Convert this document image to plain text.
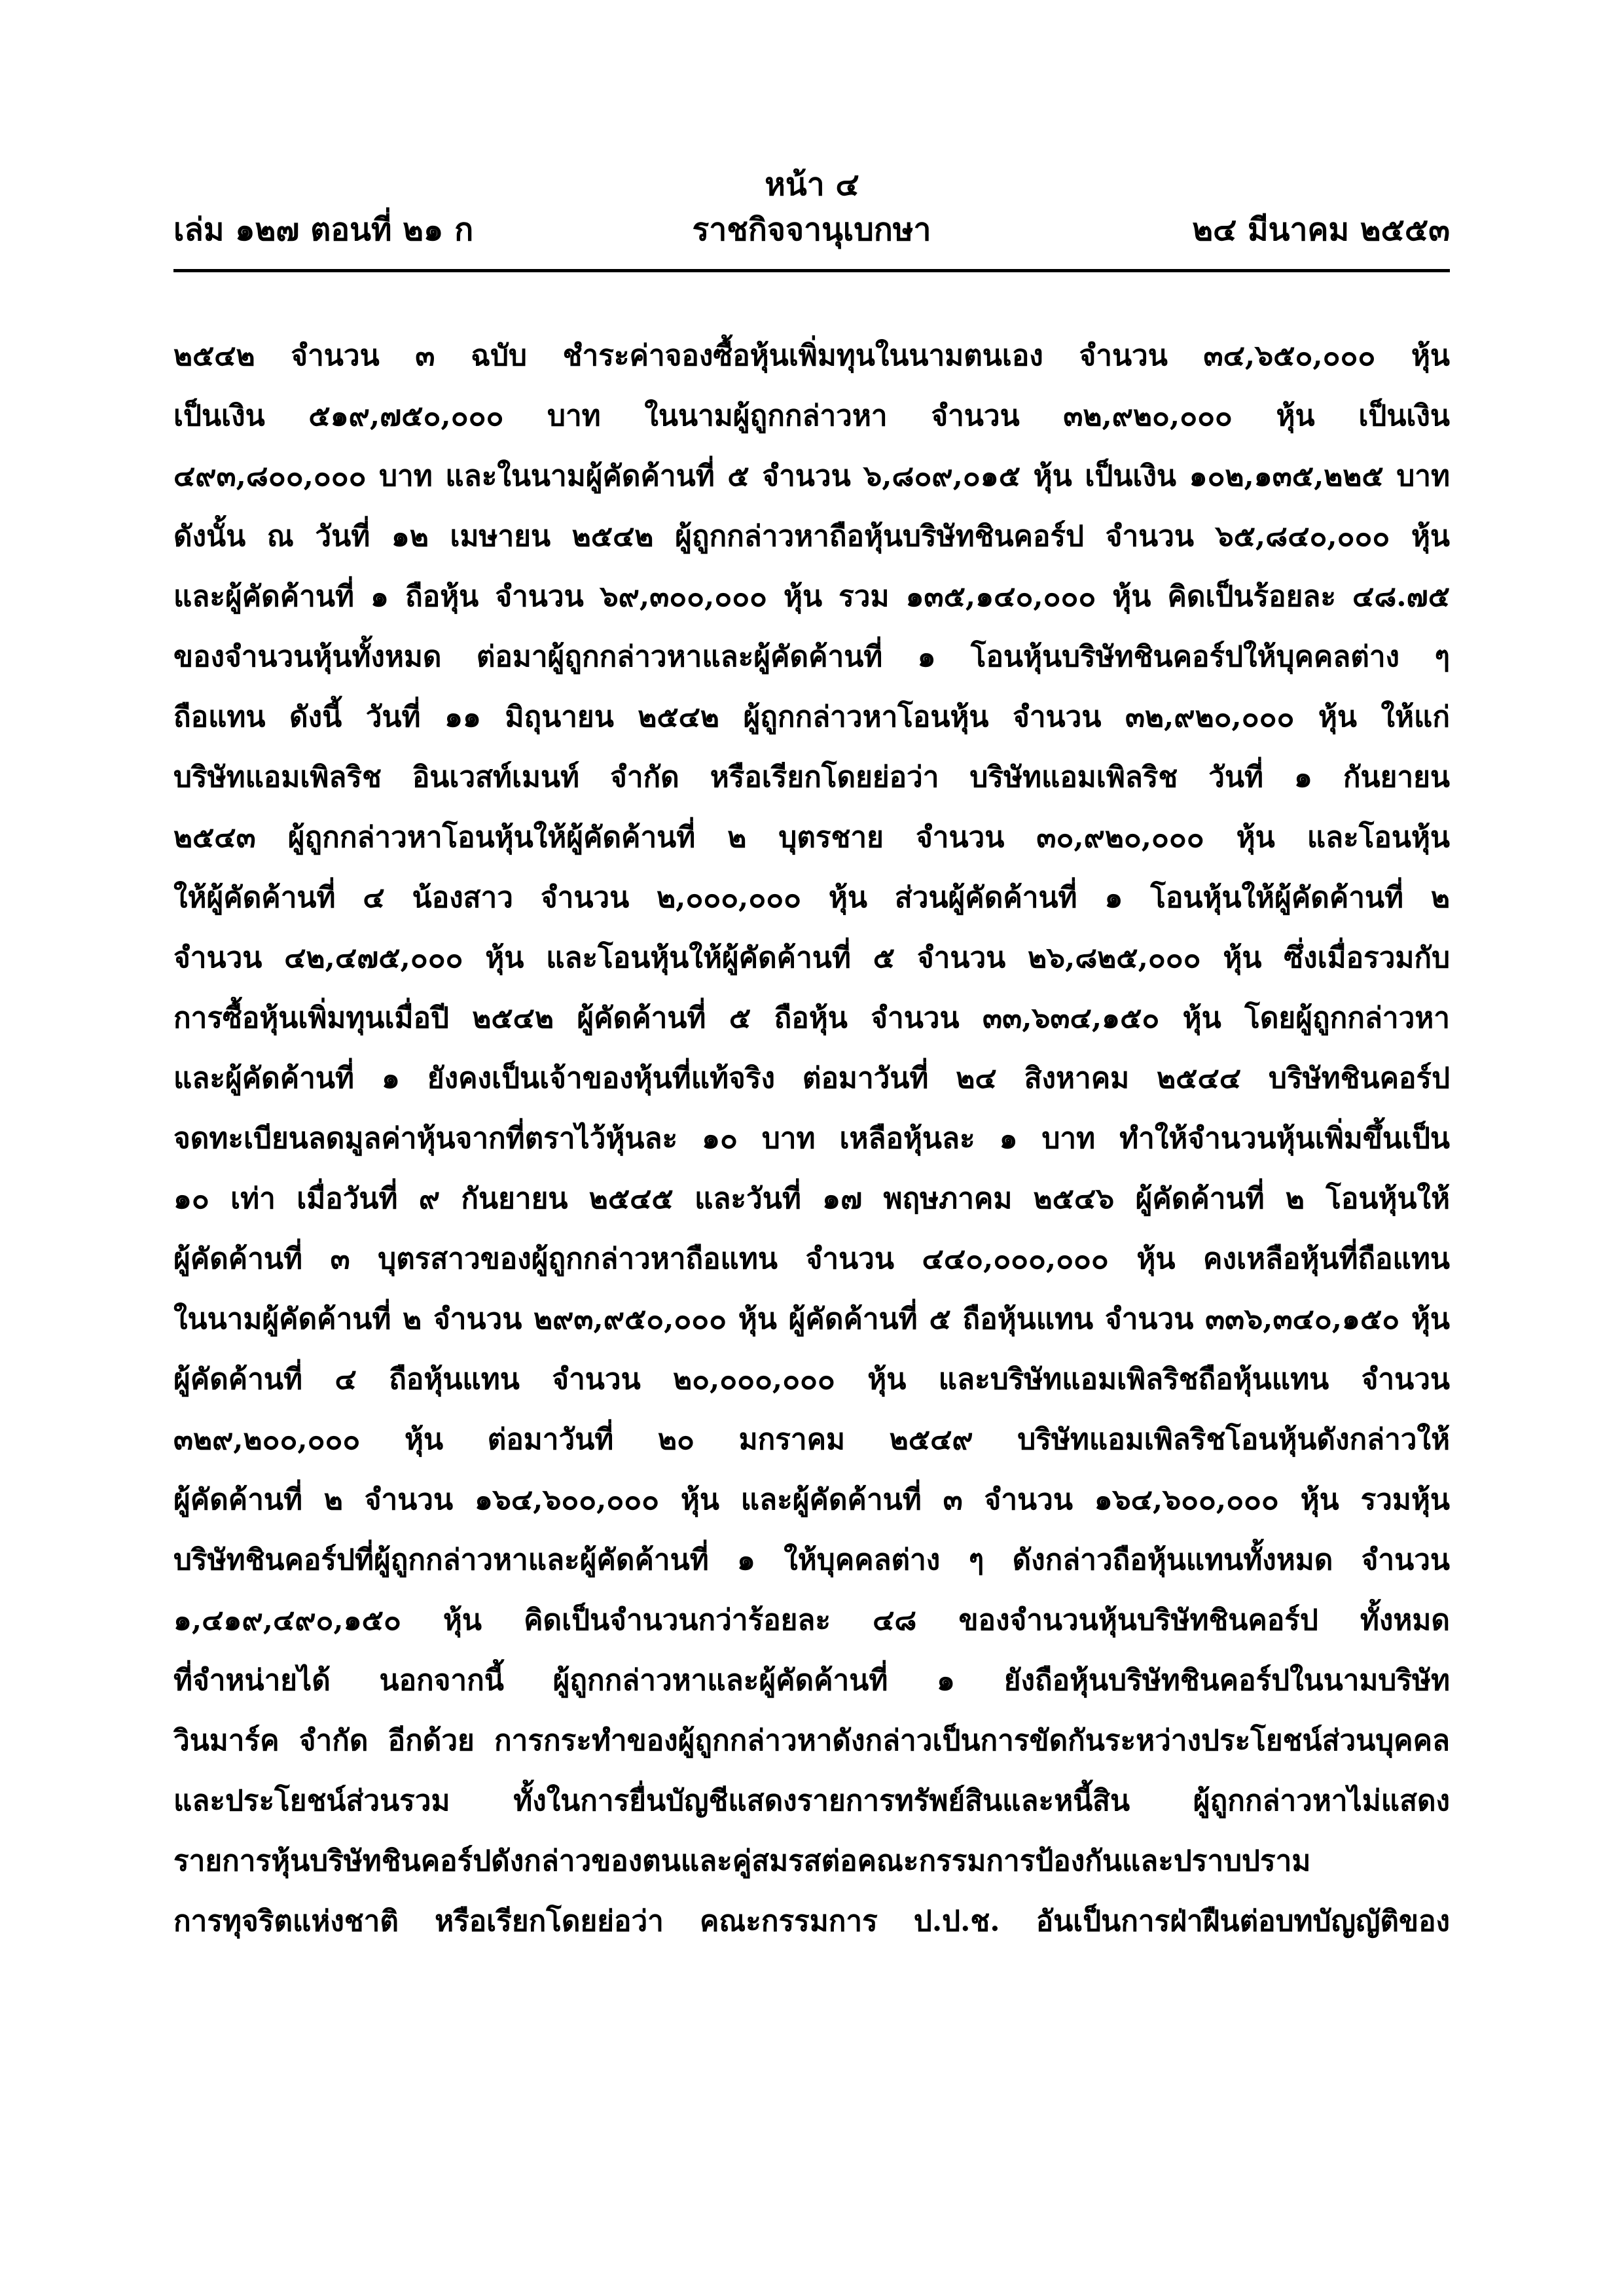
หน้า ๔
เล่ม ๑๒๗ ตอนที่ ๒๑ ก	ราชกิจจานุเบกษา	๒๔ มีนาคม ๒๕๕๓
๒๕๔๒ จำนวน ๓ ฉบับ ชำระค่าจองซื้อหุ้นเพิ่มทุนในนามตนเอง จำนวน ๓๔,๖๕๐,๐๐๐ หุ้น
เป็นเงิน ๕๑๙,๗๕๐,๐๐๐ บาท ในนามผู้ถูกกล่าวหา จำนวน ๓๒,๙๒๐,๐๐๐ หุ้น เป็นเงิน
๔๙๓,๘๐๐,๐๐๐ บาท และในนามผู้คัดค้านที่ ๕ จำนวน ๖,๘๐๙,๐๑๕ หุ้น เป็นเงิน ๑๐๒,๑๓๕,๒๒๕ บาท
ดังนั้น ณ วันที่ ๑๒ เมษายน ๒๕๔๒ ผู้ถูกกล่าวหาถือหุ้นบริษัทชินคอร์ป จำนวน ๖๕,๘๔๐,๐๐๐ หุ้น
และผู้คัดค้านที่ ๑ ถือหุ้น จำนวน ๖๙,๓๐๐,๐๐๐ หุ้น รวม ๑๓๕,๑๔๐,๐๐๐ หุ้น คิดเป็นร้อยละ ๔๘.๗๕
ของจำนวนหุ้นทั้งหมด ต่อมาผู้ถูกกล่าวหาและผู้คัดค้านที่ ๑ โอนหุ้นบริษัทชินคอร์ปให้บุคคลต่าง ๆ
ถือแทน ดังนี้ วันที่ ๑๑ มิถุนายน ๒๕๔๒ ผู้ถูกกล่าวหาโอนหุ้น จำนวน ๓๒,๙๒๐,๐๐๐ หุ้น ให้แก่
บริษัทแอมเพิลริช อินเวสท์เมนท์ จำกัด หรือเรียกโดยย่อว่า บริษัทแอมเพิลริช วันที่ ๑ กันยายน
๒๕๔๓ ผู้ถูกกล่าวหาโอนหุ้นให้ผู้คัดค้านที่ ๒ บุตรชาย จำนวน ๓๐,๙๒๐,๐๐๐ หุ้น และโอนหุ้น
ให้ผู้คัดค้านที่ ๔ น้องสาว จำนวน ๒,๐๐๐,๐๐๐ หุ้น ส่วนผู้คัดค้านที่ ๑ โอนหุ้นให้ผู้คัดค้านที่ ๒
จำนวน ๔๒,๔๗๕,๐๐๐ หุ้น และโอนหุ้นให้ผู้คัดค้านที่ ๕ จำนวน ๒๖,๘๒๕,๐๐๐ หุ้น ซึ่งเมื่อรวมกับ
การซื้อหุ้นเพิ่มทุนเมื่อปี ๒๕๔๒ ผู้คัดค้านที่ ๕ ถือหุ้น จำนวน ๓๓,๖๓๔,๑๕๐ หุ้น โดยผู้ถูกกล่าวหา
และผู้คัดค้านที่ ๑ ยังคงเป็นเจ้าของหุ้นที่แท้จริง ต่อมาวันที่ ๒๔ สิงหาคม ๒๕๔๔ บริษัทชินคอร์ป
จดทะเบียนลดมูลค่าหุ้นจากที่ตราไว้หุ้นละ ๑๐ บาท เหลือหุ้นละ ๑ บาท ทำให้จำนวนหุ้นเพิ่มขึ้นเป็น
๑๐ เท่า เมื่อวันที่ ๙ กันยายน ๒๕๔๕ และวันที่ ๑๗ พฤษภาคม ๒๕๔๖ ผู้คัดค้านที่ ๒ โอนหุ้นให้
ผู้คัดค้านที่ ๓ บุตรสาวของผู้ถูกกล่าวหาถือแทน จำนวน ๔๔๐,๐๐๐,๐๐๐ หุ้น คงเหลือหุ้นที่ถือแทน
ในนามผู้คัดค้านที่ ๒ จำนวน ๒๙๓,๙๕๐,๐๐๐ หุ้น ผู้คัดค้านที่ ๕ ถือหุ้นแทน จำนวน ๓๓๖,๓๔๐,๑๕๐ หุ้น
ผู้คัดค้านที่ ๔ ถือหุ้นแทน จำนวน ๒๐,๐๐๐,๐๐๐ หุ้น และบริษัทแอมเพิลริชถือหุ้นแทน จำนวน
๓๒๙,๒๐๐,๐๐๐ หุ้น ต่อมาวันที่ ๒๐ มกราคม ๒๕๔๙ บริษัทแอมเพิลริชโอนหุ้นดังกล่าวให้
ผู้คัดค้านที่ ๒ จำนวน ๑๖๔,๖๐๐,๐๐๐ หุ้น และผู้คัดค้านที่ ๓ จำนวน ๑๖๔,๖๐๐,๐๐๐ หุ้น รวมหุ้น
บริษัทชินคอร์ปที่ผู้ถูกกล่าวหาและผู้คัดค้านที่ ๑ ให้บุคคลต่าง ๆ ดังกล่าวถือหุ้นแทนทั้งหมด จำนวน
๑,๔๑๙,๔๙๐,๑๕๐ หุ้น คิดเป็นจำนวนกว่าร้อยละ ๔๘ ของจำนวนหุ้นบริษัทชินคอร์ป ทั้งหมด
ที่จำหน่ายได้ นอกจากนี้ ผู้ถูกกล่าวหาและผู้คัดค้านที่ ๑ ยังถือหุ้นบริษัทชินคอร์ปในนามบริษัท
วินมาร์ค จำกัด อีกด้วย การกระทำของผู้ถูกกล่าวหาดังกล่าวเป็นการขัดกันระหว่างประโยชน์ส่วนบุคคล
และประโยชน์ส่วนรวม ทั้งในการยื่นบัญชีแสดงรายการทรัพย์สินและหนี้สิน ผู้ถูกกล่าวหาไม่แสดง
รายการหุ้นบริษัทชินคอร์ปดังกล่าวของตนและคู่สมรสต่อคณะกรรมการป้องกันและปราบปราม
การทุจริตแห่งชาติ หรือเรียกโดยย่อว่า คณะกรรมการ ป.ป.ช. อันเป็นการฝ่าฝืนต่อบทบัญญัติของ
